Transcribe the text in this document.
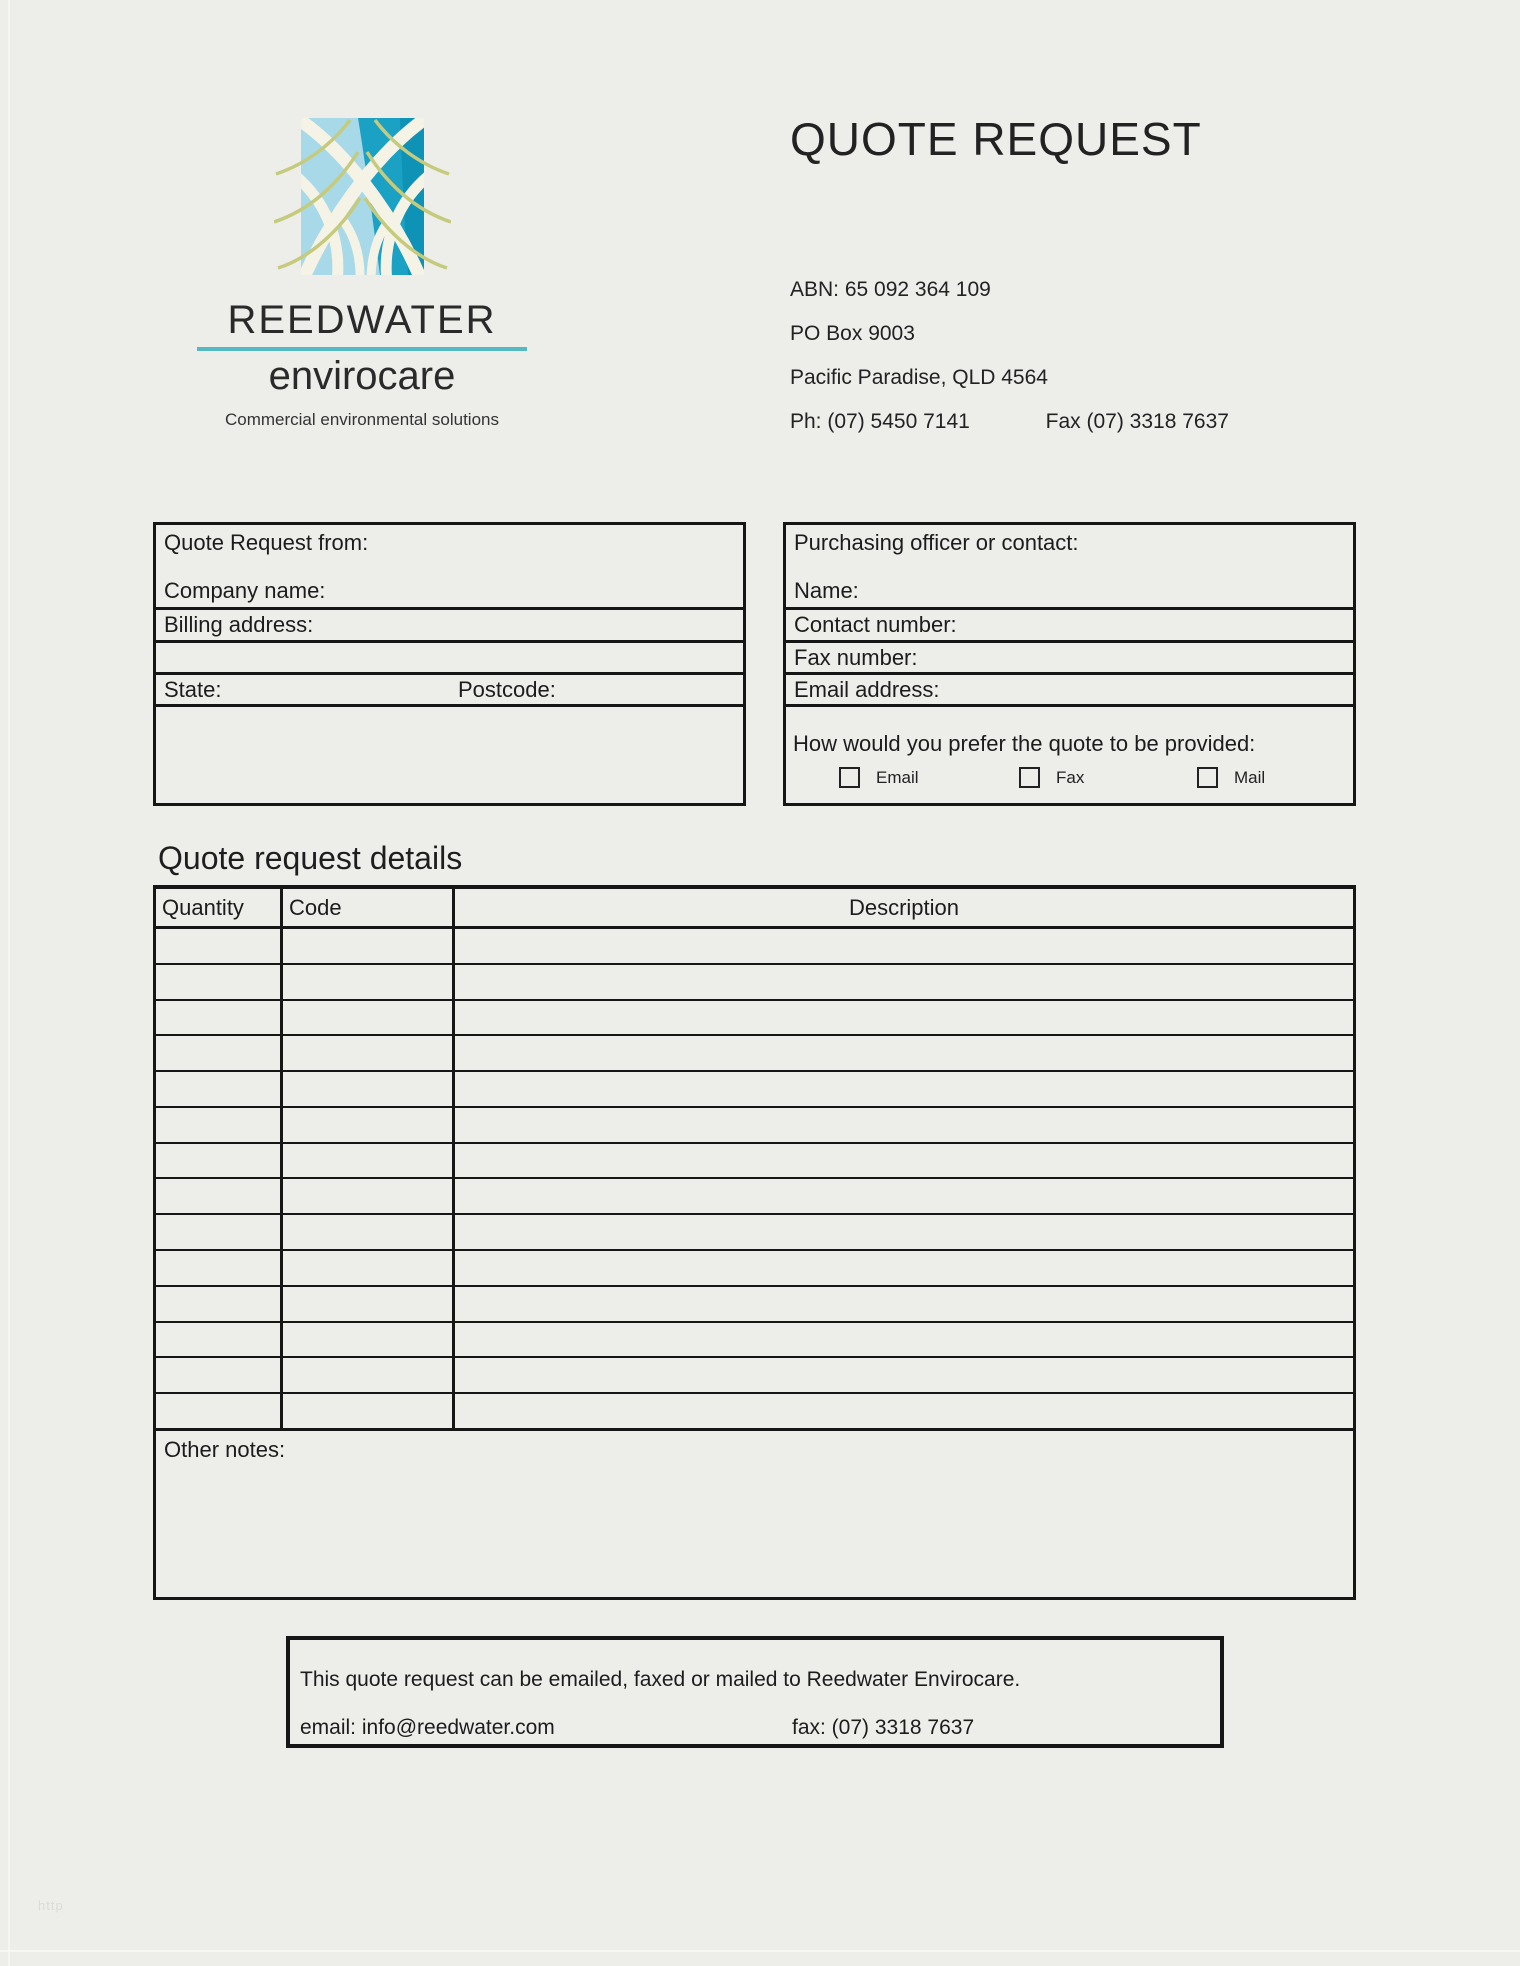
REEDWATER
envirocare
Commercial environmental solutions
QUOTE REQUEST
ABN: 65 092 364 109
PO Box 9003
Pacific Paradise, QLD 4564
Ph: (07) 5450 7141	Fax (07) 3318 7637
Quote Request from:
Company name:
Billing address:
State:	Postcode:
Purchasing officer or contact:
Name:
Contact number:
Fax number:
Email address:
How would you prefer the quote to be provided:
Email	Fax	Mail
Quote request details
Quantity	Code	Description
Other notes:
This quote request can be emailed, faxed or mailed to Reedwater Envirocare.
email: info@reedwater.com	fax: (07) 3318 7637
http
